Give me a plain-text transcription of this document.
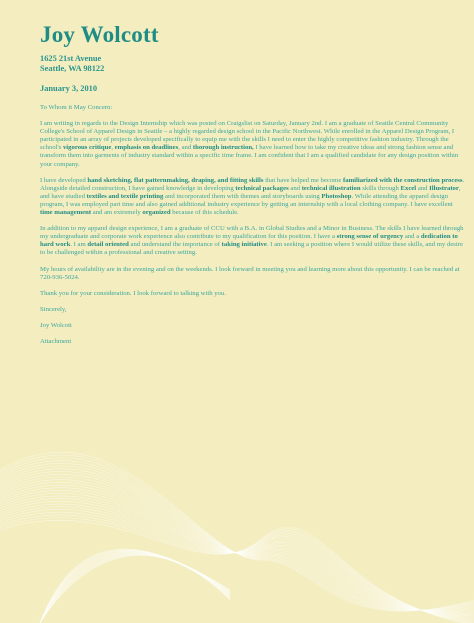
Joy Wolcott
1625 21st Avenue
Seattle, WA 98122
January 3, 2010

To Whom it May Concern:

I am writing in regards to the Design Internship which was posted on Craigslist on Saturday, January 2nd. I am a graduate of Seattle Central Community College's School of Apparel Design in Seattle – a highly regarded design school in the Pacific Northwest. While enrolled in the Apparel Design Program, I participated in an array of projects developed specifically to equip me with the skills I need to enter the highly competitive fashion industry. Through the school's vigorous critique, emphasis on deadlines, and thorough instruction, I have learned how to take my creative ideas and strong fashion sense and transform them into garments of industry standard within a specific time frame. I am confident that I am a qualified candidate for any design position within your company.

I have developed hand sketching, flat patternmaking, draping, and fitting skills that have helped me become familiarized with the construction process. Alongside detailed construction, I have gained knowledge in developing technical packages and technical illustration skills through Excel and Illustrator, and have studied textiles and textile printing and incorporated them with themes and storyboards using Photoshop. While attending the apparel design program, I was employed part time and also gained additional industry experience by getting an internship with a local clothing company. I have excellent time management and am extremely organized because of this schedule.

In addition to my apparel design experience, I am a graduate of CCU with a B.A. in Global Studies and a Minor in Business. The skills I have learned through my undergraduate and corporate work experience also contribute to my qualification for this position. I have a strong sense of urgency and a dedication to hard work. I am detail oriented and understand the importance of taking initiative. I am seeking a position where I would utilize these skills, and my desire to be challenged within a professional and creative setting.

My hours of availability are in the evening and on the weekends. I look forward in meeting you and learning more about this opportunity. I can be reached at 720-936-5024.

Thank you for your consideration. I look forward to talking with you.

Sincerely,

Joy Wolcott

Attachment
